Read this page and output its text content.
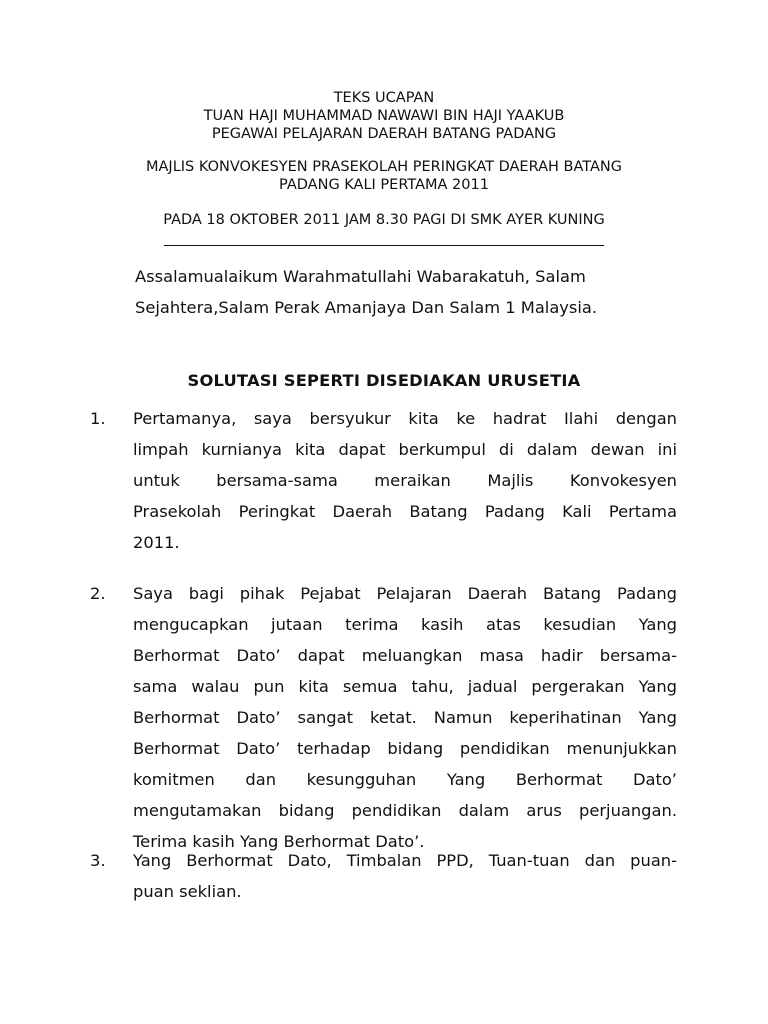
TEKS UCAPAN
TUAN HAJI MUHAMMAD NAWAWI BIN HAJI YAAKUB
PEGAWAI PELAJARAN DAERAH BATANG PADANG
MAJLIS KONVOKESYEN PRASEKOLAH PERINGKAT DAERAH BATANG
PADANG KALI PERTAMA 2011
PADA 18 OKTOBER 2011 JAM 8.30 PAGI DI SMK AYER KUNING
Assalamualaikum Warahmatullahi Wabarakatuh, Salam
Sejahtera,Salam Perak Amanjaya Dan Salam 1 Malaysia.
SOLUTASI SEPERTI DISEDIAKAN URUSETIA
1. Pertamanya, saya bersyukur kita ke hadrat Ilahi dengan
limpah kurnianya kita dapat berkumpul di dalam dewan ini
untuk bersama-sama meraikan Majlis Konvokesyen
Prasekolah Peringkat Daerah Batang Padang Kali Pertama
2011.
2. Saya bagi pihak Pejabat Pelajaran Daerah Batang Padang
mengucapkan jutaan terima kasih atas kesudian Yang
Berhormat Dato’ dapat meluangkan masa hadir bersama-
sama walau pun kita semua tahu, jadual pergerakan Yang
Berhormat Dato’ sangat ketat. Namun keperihatinan Yang
Berhormat Dato’ terhadap bidang pendidikan menunjukkan
komitmen dan kesungguhan Yang Berhormat Dato’
mengutamakan bidang pendidikan dalam arus perjuangan.
Terima kasih Yang Berhormat Dato’.
3. Yang Berhormat Dato, Timbalan PPD, Tuan-tuan dan puan-
puan seklian.
